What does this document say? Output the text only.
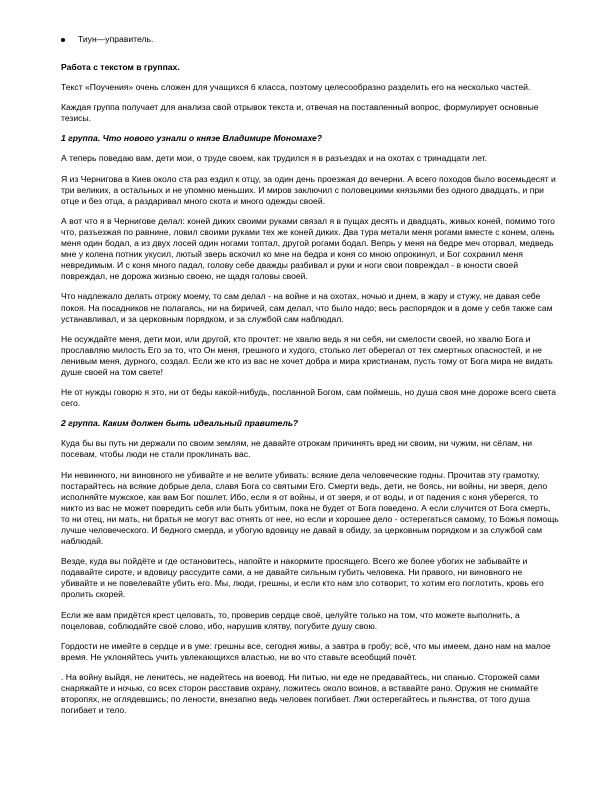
Тиун—управитель.

Работа с текстом в группах.

Текст «Поучения» очень сложен для учащихся 6 класса, поэтому целесообразно разделить его на несколько частей.

Каждая группа получает для анализа свой отрывок текста и, отвечая на поставленный вопрос, формулирует основные тезисы.

1 группа. Что нового узнали о князе Владимире Мономахе?

А теперь поведаю вам, дети мои, о труде своем, как трудился я в разъездах и на охотах с тринадцати лет.

Я из Чернигова в Киев около ста раз ездил к отцу, за один день проезжая до вечерни. А всего походов было восемьдесят и три великих, а остальных и не упомню меньших. И миров заключил с половецкими князьями без одного двадцать, и при отце и без отца, а раздаривал много скота и много одежды своей.

А вот что я в Чернигове делал: коней диких своими руками связал я в пущах десять и двадцать, живых коней, помимо того что, разъезжая по равнине, ловил своими руками тех же коней диких. Два тура метали меня рогами вместе с конем, олень меня один бодал, а из двух лосей один ногами топтал, другой рогами бодал. Вепрь у меня на бедре меч оторвал, медведь мне у колена потник укусил, лютый зверь вскочил ко мне на бедра и коня со мною опрокинул, и Бог сохранил меня невредимым. И с коня много падал, голову себе дважды разбивал и руки и ноги свои повреждал - в юности своей повреждал, не дорожа жизнью своею, не щадя головы своей.

Что надлежало делать отроку моему, то сам делал - на войне и на охотах, ночью и днем, в жару и стужу, не давая себе покоя. На посадников не полагаясь, ни на биричей, сам делал, что было надо; весь распорядок и в доме у себя также сам устанавливал, и за церковным порядком, и за службой сам наблюдал.

Не осуждайте меня, дети мои, или другой, кто прочтет: не хвалю ведь я ни себя, ни смелости своей, но хвалю Бога и прославляю милость Его за то, что Он меня, грешного и худого, столько лет оберегал от тех смертных опасностей, и не ленивым меня, дурного, создал. Если же кто из вас не хочет добра и мира христианам, пусть тому от Бога мира не видать душе своей на том свете!

Не от нужды говорю я это, ни от беды какой-нибудь, посланной Богом, сам поймешь, но душа своя мне дороже всего света сего.

2 группа. Каким должен быть идеальный правитель?

Куда бы вы путь ни держали по своим землям, не давайте отрокам причинять вред ни своим, ни чужим, ни сёлам, ни посевам, чтобы люди не стали проклинать вас.

Ни невинного, ни виновного не убивайте и не велите убивать: всякие дела человеческие годны. Прочитав эту грамотку, постарайтесь на всякие добрые дела, славя Бога со святыми Его. Смерти ведь, дети, не боясь, ни войны, ни зверя, дело исполняйте мужское, как вам Бог пошлет. Ибо, если я от войны, и от зверя, и от воды, и от падения с коня уберегся, то никто из вас не может повредить себя или быть убитым, пока не будет от Бога поведено. А если случится от Бога смерть, то ни отец, ни мать, ни братья не могут вас отнять от нее, но если и хорошее дело - остерегаться самому, то Божья помощь лучше человеческого. И бедного смерда, и убогую вдовицу не давай в обиду, за церковным порядком и за службой сам наблюдай.

Везде, куда вы пойдёте и где остановитесь, напойте и накормите просящего. Всего же более убогих не забывайте и подавайте сироте, и вдовицу рассудите сами, а не давайте сильным губить человека. Ни правого, ни виновного не убивайте и не повелевайте убить его. Мы, люди, грешны, и если кто нам зло сотворит, то хотим его поглотить, кровь его пролить скорей.

Если же вам придётся крест целовать, то, проверив сердце своё, целуйте только на том, что можете выполнить, а поцеловав, соблюдайте своё слово, ибо, нарушив клятву, погубите душу свою.

Гордости не имейте в сердце и в уме: грешны все, сегодня живы, а завтра в гробу; всё, что мы имеем, дано нам на малое время. Не уклоняйтесь учить увлекающихся властью, ни во что ставьте всеобщий почёт.

. На войну выйдя, не ленитесь, не надейтесь на воевод. Ни питью, ни еде не предавайтесь, ни спанью. Сторожей сами снаряжайте и ночью, со всех сторон расставив охрану, ложитесь около воинов, а вставайте рано. Оружия не снимайте второпях, не оглядевшись; по лености, внезапно ведь человек погибает. Лжи остерегайтесь и пьянства, от того душа погибает и тело.
